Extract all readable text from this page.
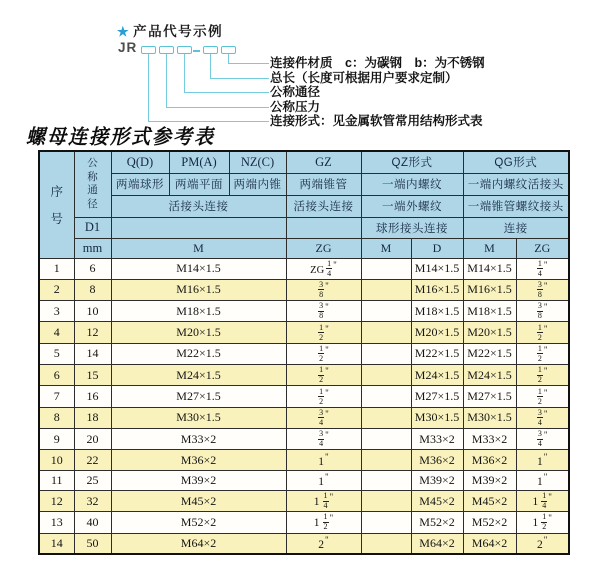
★ 产品代号示例
JR
连接件材质　c：为碳钢　b：为不锈钢
总长（长度可根据用户要求定制）
公称通径
公称压力
连接形式：见金属软管常用结构形式表
螺母连接形式参考表
序
号	公
称
通
径	Q(D)	PM(A)	NZ(C)	GZ	QZ形式		QG形式	
		两端球形	两端平面	两端内锥	两端锥管	一端内螺纹		一端内螺纹活接头	
		活接头连接			活接头连接	一端外螺纹		一端锥管螺纹接头	
	D1					球形接头连接		连接	
	mm	M			ZG	M	D	M	ZG
1	6	M14×1.5			ZG $\frac{1}{4} ^"$		M14×1.5	M14×1.5	$\frac{1}{4} ^"$
2	8	M16×1.5			$\frac{3}{8} ^"$		M16×1.5	M16×1.5	$\frac{3}{8} ^"$
3	10	M18×1.5			$\frac{3}{8} ^"$		M18×1.5	M18×1.5	$\frac{3}{8} ^"$
4	12	M20×1.5			$\frac{1}{2} ^"$		M20×1.5	M20×1.5	$\frac{1}{2} ^"$
5	14	M22×1.5			$\frac{1}{2} ^"$		M22×1.5	M22×1.5	$\frac{1}{2} ^"$
6	15	M24×1.5			$\frac{1}{2} ^"$		M24×1.5	M24×1.5	$\frac{1}{2} ^"$
7	16	M27×1.5			$\frac{1}{2} ^"$		M27×1.5	M27×1.5	$\frac{1}{2} ^"$
8	18	M30×1.5			$\frac{3}{4} ^"$		M30×1.5	M30×1.5	$\frac{3}{4} ^"$
9	20	M33×2			$\frac{3}{4} ^"$		M33×2	M33×2	$\frac{3}{4} ^"$
10	22	M36×2			1"		M36×2	M36×2	1"
11	25	M39×2			1"		M39×2	M39×2	1"
12	32	M45×2			$1 \frac{1}{4} ^"$		M45×2	M45×2	$1 \frac{1}{4} ^"$
13	40	M52×2			$1 \frac{1}{2} ^"$		M52×2	M52×2	$1 \frac{1}{2} ^"$
14	50	M64×2			2"		M64×2	M64×2	2"
